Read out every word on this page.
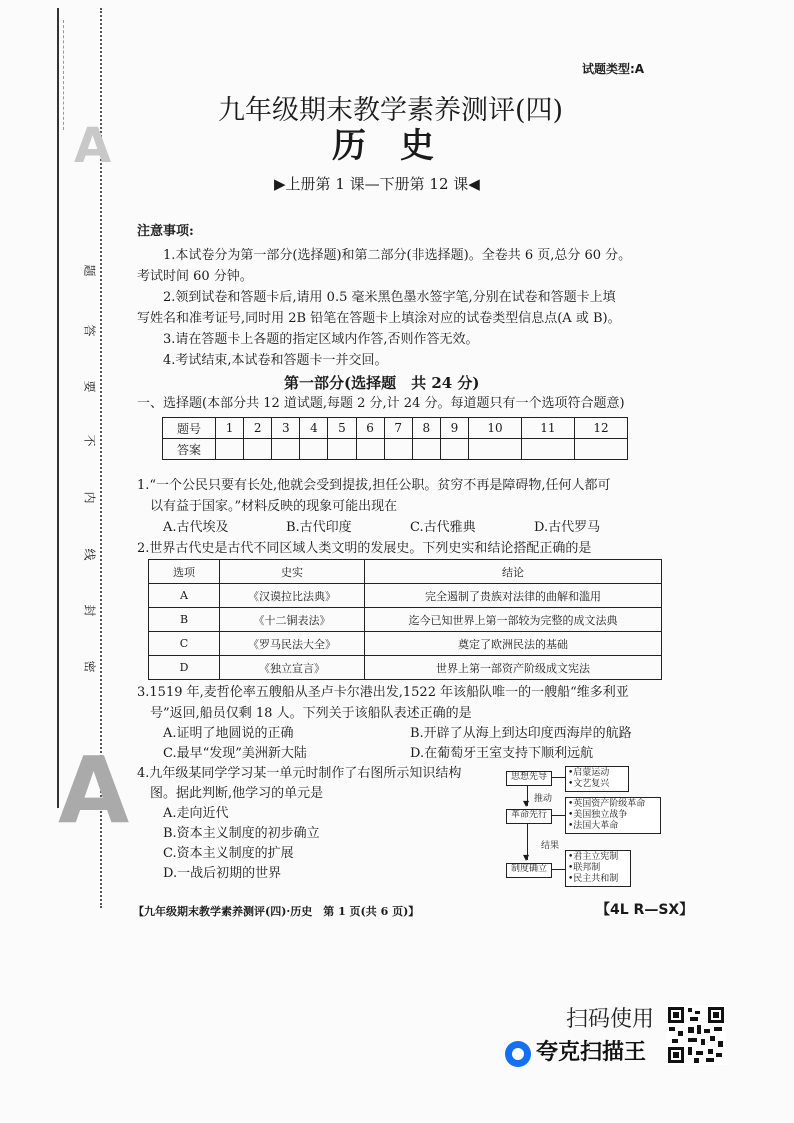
A
A
题
答
要
不
内
线
封
密
试题类型:A
九年级期末教学素养测评(四)
历　史
▶上册第 1 课—下册第 12 课◀
注意事项:
1.本试卷分为第一部分(选择题)和第二部分(非选择题)。全卷共 6 页,总分 60 分。
考试时间 60 分钟。
2.领到试卷和答题卡后,请用 0.5 毫米黑色墨水签字笔,分别在试卷和答题卡上填
写姓名和准考证号,同时用 2B 铅笔在答题卡上填涂对应的试卷类型信息点(A 或 B)。
3.请在答题卡上各题的指定区域内作答,否则作答无效。
4.考试结束,本试卷和答题卡一并交回。
第一部分(选择题　共 24 分)
一、选择题(本部分共 12 道试题,每题 2 分,计 24 分。每道题只有一个选项符合题意)
题号	1	2	3	4	5	6	7	8	9	10	11	12
答案												
1.“一个公民只要有长处,他就会受到提拔,担任公职。贫穷不再是障碍物,任何人都可
以有益于国家。”材料反映的现象可能出现在
A.古代埃及	B.古代印度	C.古代雅典	D.古代罗马
2.世界古代史是古代不同区域人类文明的发展史。下列史实和结论搭配正确的是
选项	史实	结论
A	《汉谟拉比法典》	完全遏制了贵族对法律的曲解和滥用
B	《十二铜表法》	迄今已知世界上第一部较为完整的成文法典
C	《罗马民法大全》	奠定了欧洲民法的基础
D	《独立宣言》	世界上第一部资产阶级成文宪法
3.1519 年,麦哲伦率五艘船从圣卢卡尔港出发,1522 年该船队唯一的一艘船“维多利亚
号”返回,船员仅剩 18 人。下列关于该船队表述正确的是
A.证明了地圆说的正确	B.开辟了从海上到达印度西海岸的航路
C.最早“发现”美洲新大陆	D.在葡萄牙王室支持下顺利远航
4.九年级某同学学习某一单元时制作了右图所示知识结构
图。据此判断,他学习的单元是
A.走向近代
B.资本主义制度的初步确立
C.资本主义制度的扩展
D.一战后初期的世界
思想先导
革命先行
制度确立
▼
▼
推动
结果
•启蒙运动
•文艺复兴
•英国资产阶级革命
•美国独立战争
•法国大革命
•君主立宪制
•联邦制
•民主共和制
【九年级期末教学素养测评(四)·历史　第 1 页(共 6 页)】	【4L R—SX】
扫码使用
夸克扫描王
